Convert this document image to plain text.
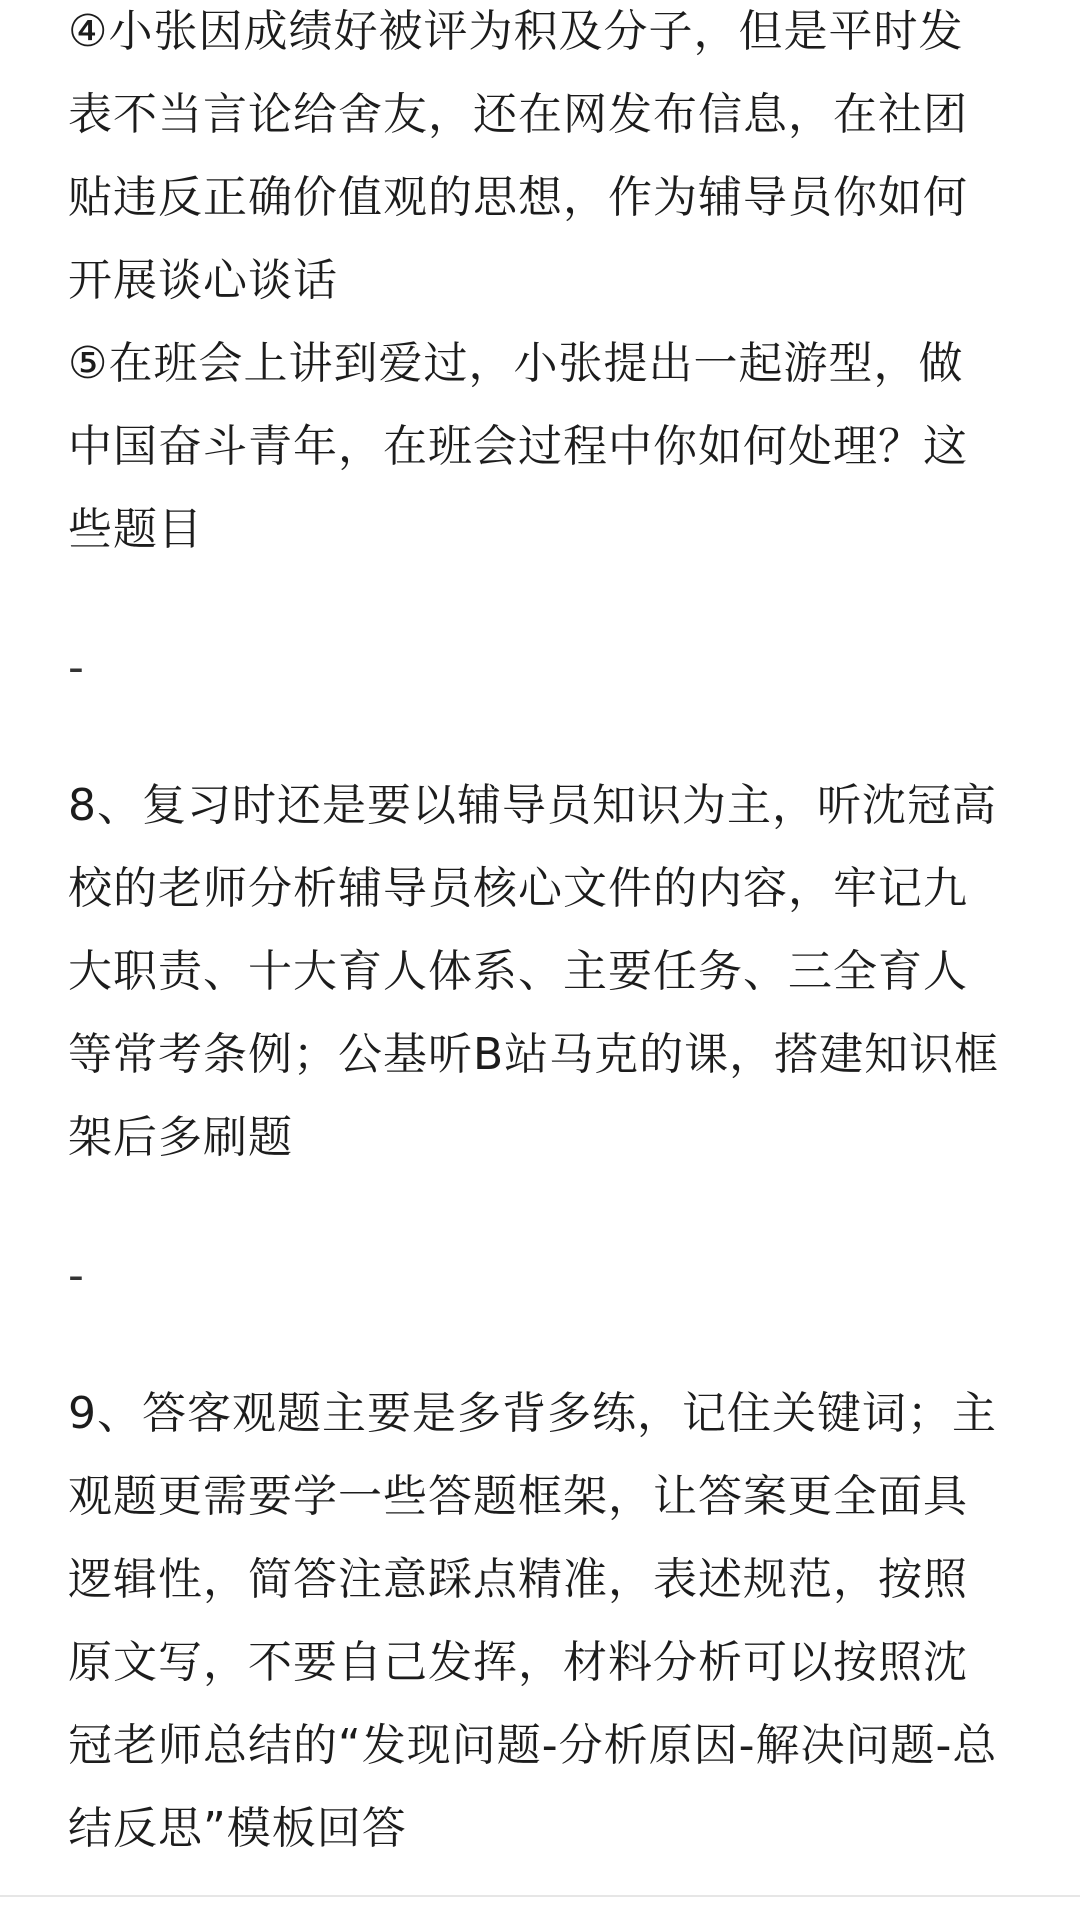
④小张因成绩好被评为积及分子，但是平时发表不当言论给舍友，还在网发布信息，在社团贴违反正确价值观的思想，作为辅导员你如何开展谈心谈话

⑤在班会上讲到爱过，小张提出一起游型，做中国奋斗青年，在班会过程中你如何处理？这些题目

-

8、复习时还是要以辅导员知识为主，听沈冠高校的老师分析辅导员核心文件的内容，牢记九大职责、十大育人体系、主要任务、三全育人等常考条例；公基听B站马克的课，搭建知识框架后多刷题

-

9、答客观题主要是多背多练，记住关键词；主观题更需要学一些答题框架，让答案更全面具逻辑性，简答注意踩点精准，表述规范，按照原文写，不要自己发挥，材料分析可以按照沈冠老师总结的“发现问题-分析原因-解决问题-总结反思”模板回答
